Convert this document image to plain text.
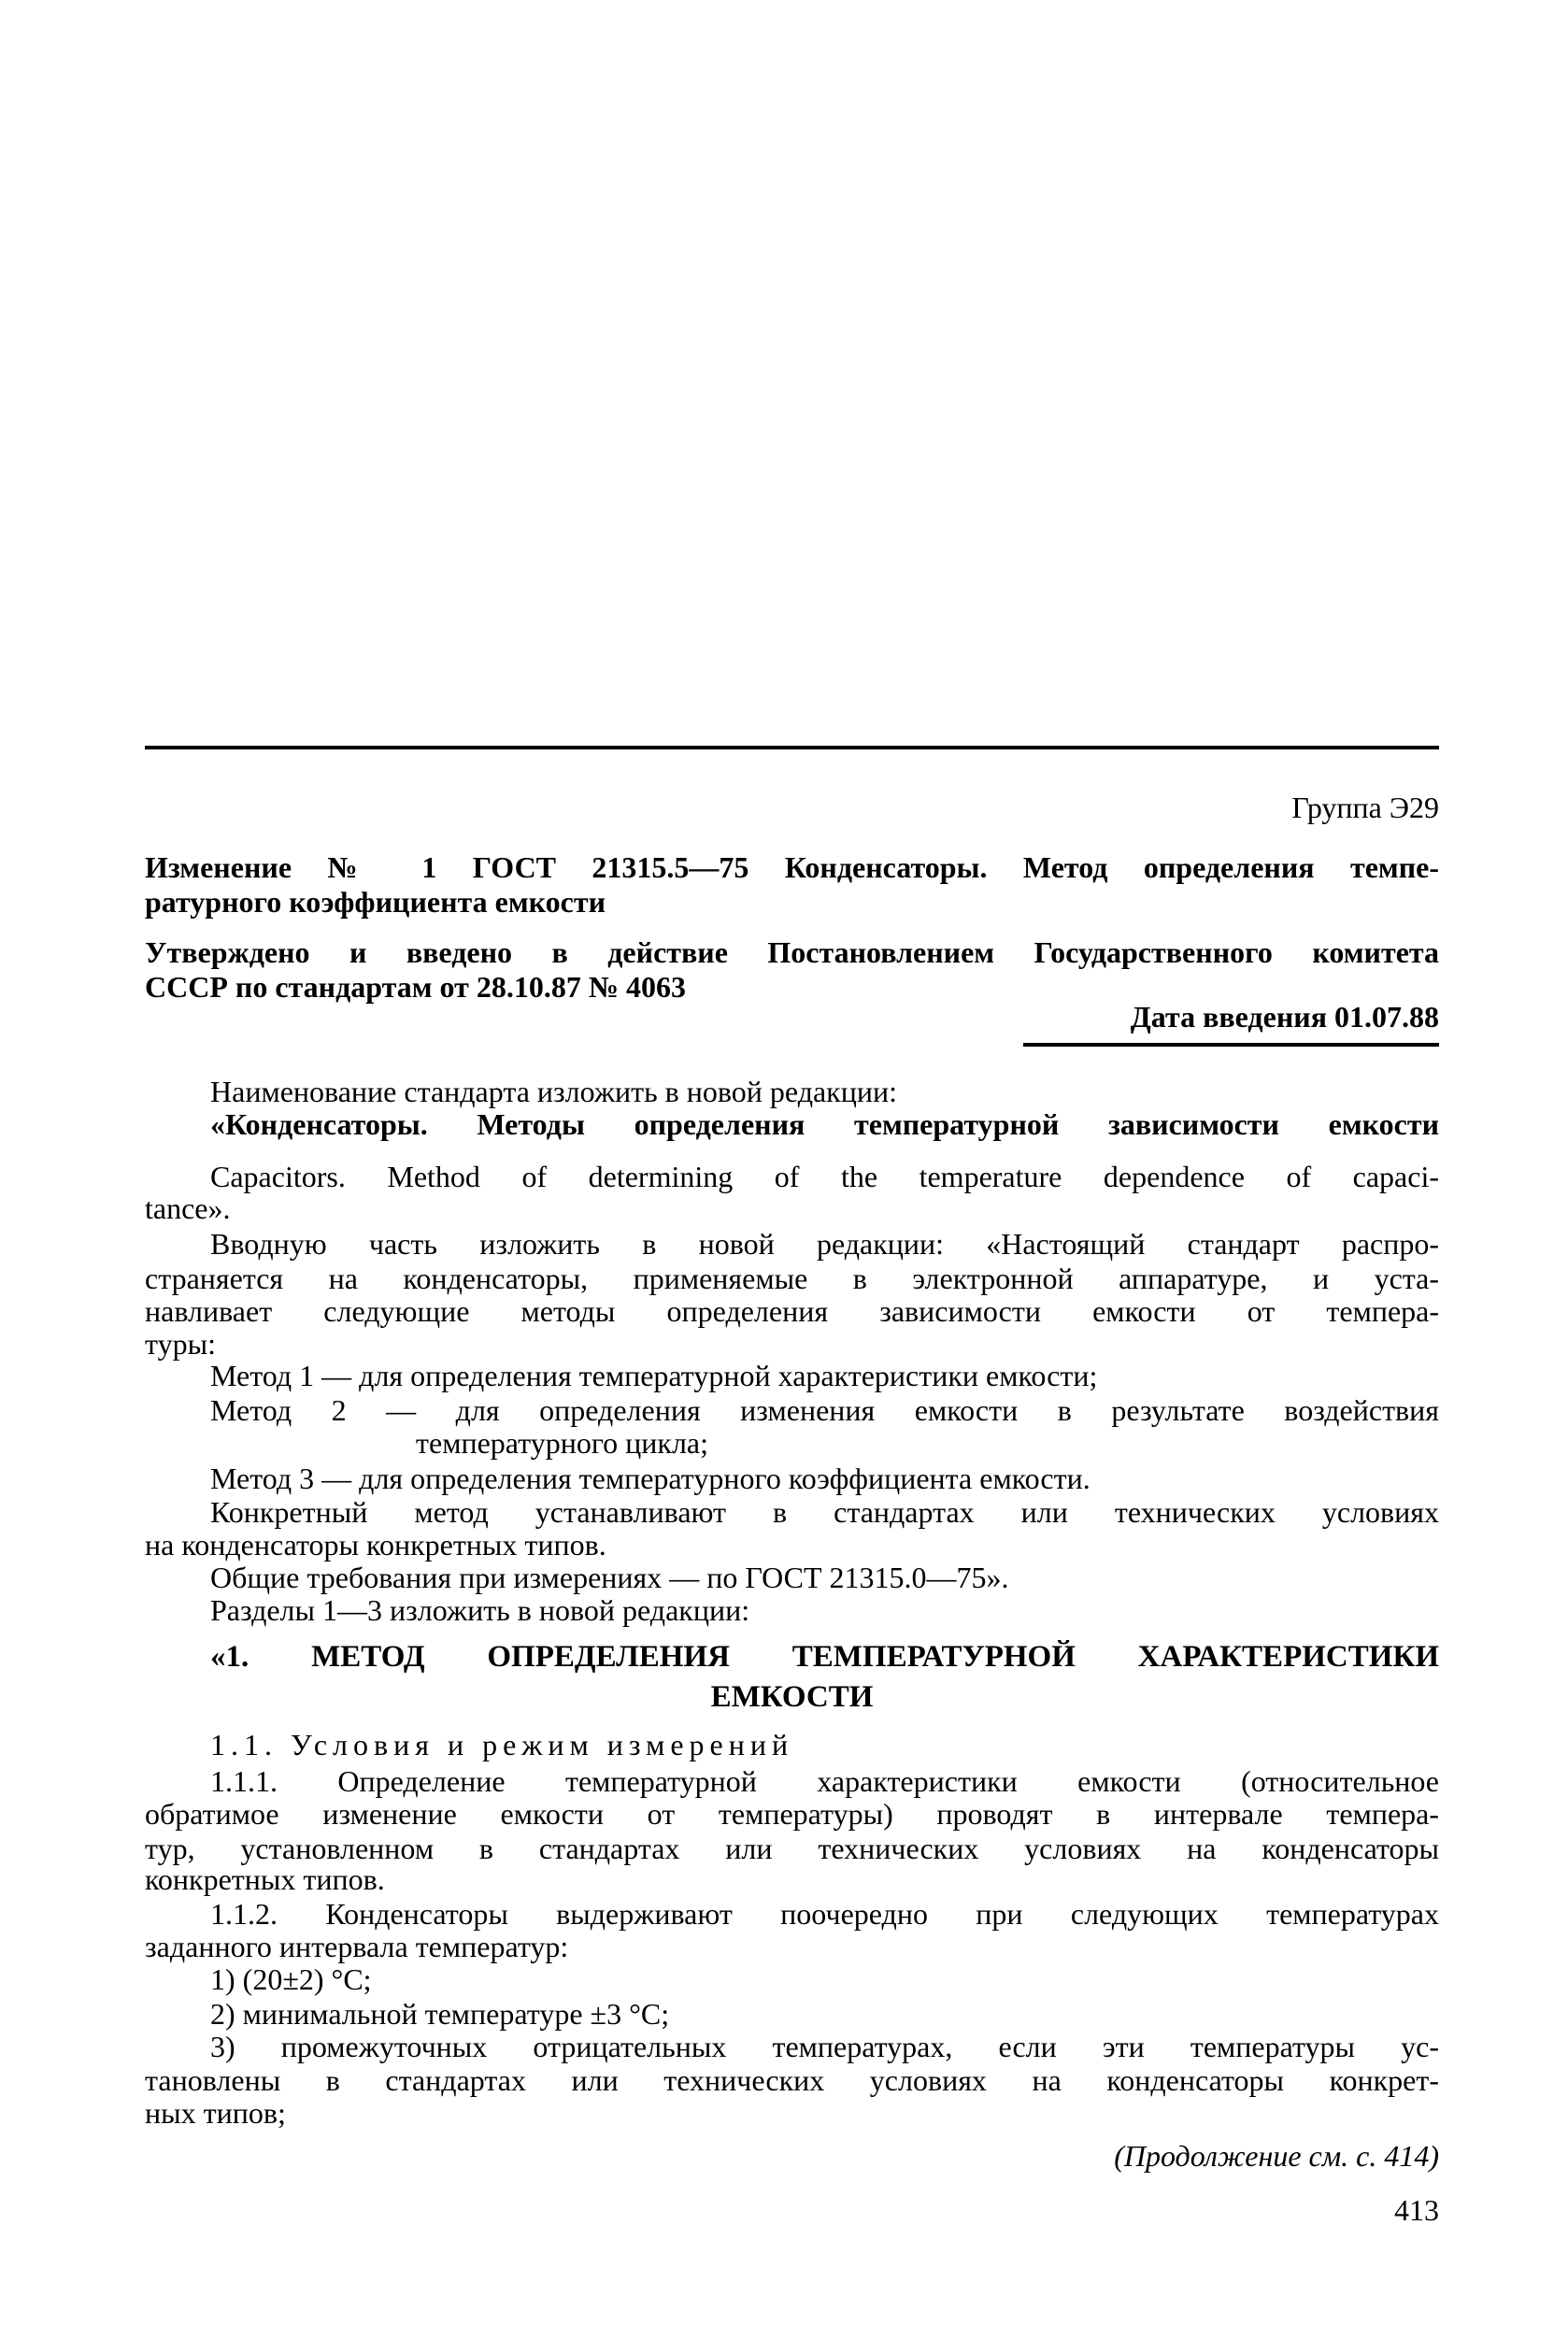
Группа Э29
Изменение № 1 ГОСТ 21315.5—75 Конденсаторы. Метод определения темпе-
ратурного коэффициента емкости
Утверждено и введено в действие Постановлением Государственного комитета
СССР по стандартам от 28.10.87 № 4063
Дата введения 01.07.88
Наименование стандарта изложить в новой редакции:
«Конденсаторы. Методы определения температурной зависимости емкости
Capacitors. Method of determining of the temperature dependence of capaci-
tance».
Вводную часть изложить в новой редакции: «Настоящий стандарт распро-
страняется на конденсаторы, применяемые в электронной аппаратуре, и уста-
навливает следующие методы определения зависимости емкости от темпера-
туры:
Метод 1 — для определения температурной характеристики емкости;
Метод 2 — для определения изменения емкости в результате воздействия
температурного цикла;
Метод 3 — для определения температурного коэффициента емкости.
Конкретный метод устанавливают в стандартах или технических условиях
на конденсаторы конкретных типов.
Общие требования при измерениях — по ГОСТ 21315.0—75».
Разделы 1—3 изложить в новой редакции:
«1. МЕТОД ОПРЕДЕЛЕНИЯ ТЕМПЕРАТУРНОЙ ХАРАКТЕРИСТИКИ
ЕМКОСТИ
1.1. Условия и режим измерений
1.1.1. Определение температурной характеристики емкости (относительное
обратимое изменение емкости от температуры) проводят в интервале темпера-
тур, установленном в стандартах или технических условиях на конденсаторы
конкретных типов.
1.1.2. Конденсаторы выдерживают поочередно при следующих температурах
заданного интервала температур:
1) (20±2) °С;
2) минимальной температуре ±3 °С;
3) промежуточных отрицательных температурах, если эти температуры ус-
тановлены в стандартах или технических условиях на конденсаторы конкрет-
ных типов;
(Продолжение см. с. 414)
413
